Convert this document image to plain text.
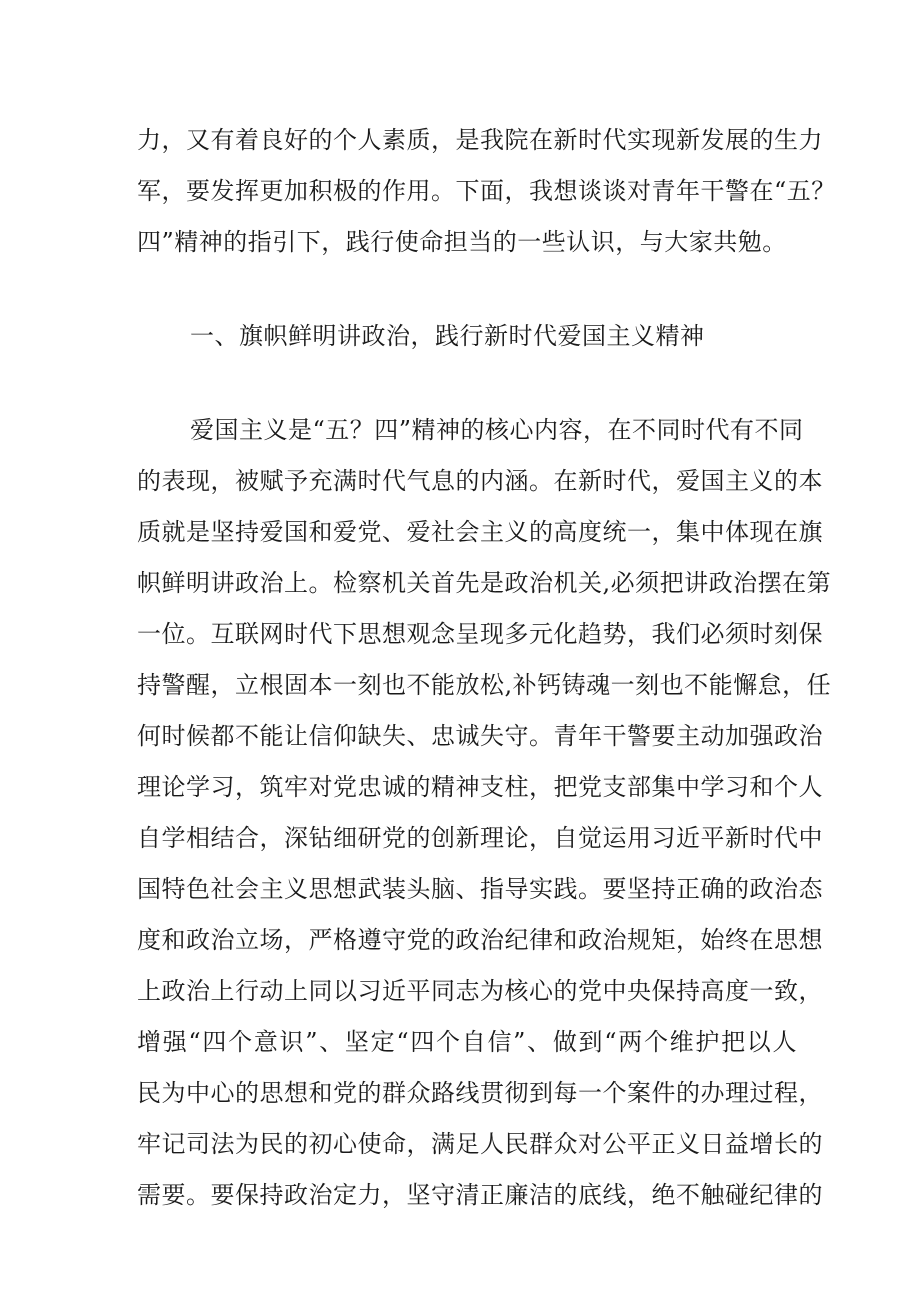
力，又有着良好的个人素质，是我院在新时代实现新发展的生力
军，要发挥更加积极的作用。下面，我想谈谈对青年干警在“五？
四”精神的指引下，践行使命担当的一些认识，与大家共勉。
一、旗帜鲜明讲政治，践行新时代爱国主义精神
爱国主义是“五？四”精神的核心内容，在不同时代有不同
的表现，被赋予充满时代气息的内涵。在新时代，爱国主义的本
质就是坚持爱国和爱党、爱社会主义的高度统一，集中体现在旗
帜鲜明讲政治上。检察机关首先是政治机关,必须把讲政治摆在第
一位。互联网时代下思想观念呈现多元化趋势，我们必须时刻保
持警醒，立根固本一刻也不能放松,补钙铸魂一刻也不能懈怠，任
何时候都不能让信仰缺失、忠诚失守。青年干警要主动加强政治
理论学习，筑牢对党忠诚的精神支柱，把党支部集中学习和个人
自学相结合，深钻细研党的创新理论，自觉运用习近平新时代中
国特色社会主义思想武装头脑、指导实践。要坚持正确的政治态
度和政治立场，严格遵守党的政治纪律和政治规矩，始终在思想
上政治上行动上同以习近平同志为核心的党中央保持高度一致，
增强“四个意识”、坚定“四个自信”、做到“两个维护把以人
民为中心的思想和党的群众路线贯彻到每一个案件的办理过程，
牢记司法为民的初心使命，满足人民群众对公平正义日益增长的
需要。要保持政治定力，坚守清正廉洁的底线，绝不触碰纪律的
